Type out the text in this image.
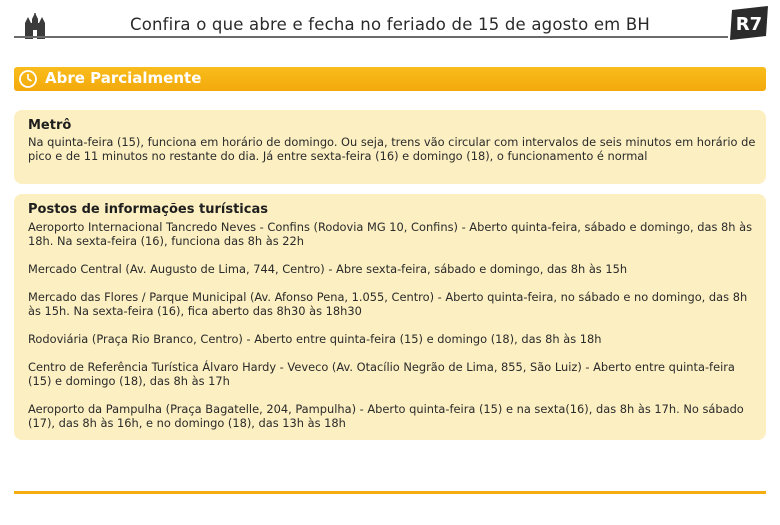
Confira o que abre e fecha no feriado de 15 de agosto em BH	R7
Abre Parcialmente
Metrô
Na quinta-feira (15), funciona em horário de domingo. Ou seja, trens vão circular com intervalos de seis minutos em horário de pico e de 11 minutos no restante do dia. Já entre sexta-feira (16) e domingo (18), o funcionamento é normal
Postos de informações turísticas
Aeroporto Internacional Tancredo Neves - Confins (Rodovia MG 10, Confins) - Aberto quinta-feira, sábado e domingo, das 8h às 18h. Na sexta-feira (16), funciona das 8h às 22h
Mercado Central (Av. Augusto de Lima, 744, Centro) - Abre sexta-feira, sábado e domingo, das 8h às 15h
Mercado das Flores / Parque Municipal (Av. Afonso Pena, 1.055, Centro) - Aberto quinta-feira, no sábado e no domingo, das 8h às 15h. Na sexta-feira (16), fica aberto das 8h30 às 18h30
Rodoviária (Praça Rio Branco, Centro) - Aberto entre quinta-feira (15) e domingo (18), das 8h às 18h
Centro de Referência Turística Álvaro Hardy - Veveco (Av. Otacílio Negrão de Lima, 855, São Luiz) - Aberto entre quinta-feira (15) e domingo (18), das 8h às 17h
Aeroporto da Pampulha (Praça Bagatelle, 204, Pampulha) - Aberto quinta-feira (15) e na sexta(16), das 8h às 17h. No sábado (17), das 8h às 16h, e no domingo (18), das 13h às 18h
